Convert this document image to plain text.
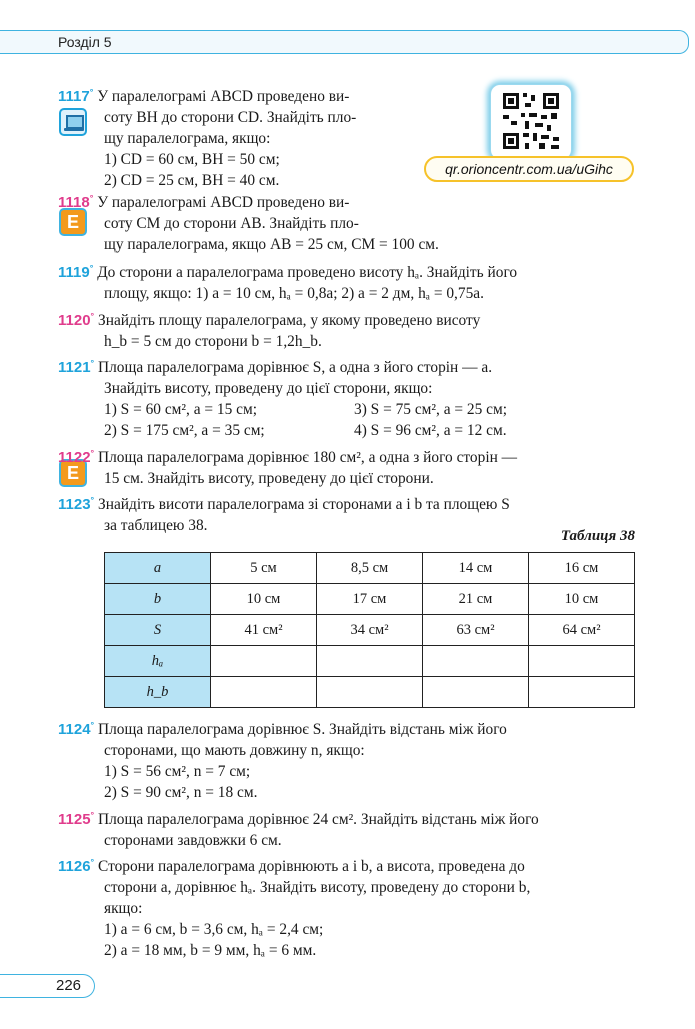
Розділ 5
qr.orioncentr.com.ua/uGihc
E
E
1117° У паралелограмі ABCD проведено ви-
соту BH до сторони CD. Знайдіть пло-
щу паралелограма, якщо:
1) CD = 60 см, BH = 50 см;
2) CD = 25 см, BH = 40 см.
1118° У паралелограмі ABCD проведено ви-
соту CM до сторони AB. Знайдіть пло-
щу паралелограма, якщо AB = 25 см, CM = 100 см.
1119° До сторони a паралелограма проведено висоту hₐ. Знайдіть його
площу, якщо: 1) a = 10 см, hₐ = 0,8a; 2) a = 2 дм, hₐ = 0,75a.
1120° Знайдіть площу паралелограма, у якому проведено висоту
h_b = 5 см до сторони b = 1,2h_b.
1121° Площа паралелограма дорівнює S, а одна з його сторін — a.
Знайдіть висоту, проведену до цієї сторони, якщо:
1) S = 60 см², a = 15 см;	3) S = 75 см², a = 25 см;
2) S = 175 см², a = 35 см;	4) S = 96 см², a = 12 см.
1122° Площа паралелограма дорівнює 180 см², а одна з його сторін —
15 см. Знайдіть висоту, проведену до цієї сторони.
1123° Знайдіть висоти паралелограма зі сторонами a і b та площею S
за таблицею 38.
Таблиця 38
a	5 см	8,5 см	14 см	16 см
b	10 см	17 см	21 см	10 см
S	41 см²	34 см²	63 см²	64 см²
hₐ				
h_b				
1124° Площа паралелограма дорівнює S. Знайдіть відстань між його
сторонами, що мають довжину n, якщо:
1) S = 56 см², n = 7 см;
2) S = 90 см², n = 18 см.
1125° Площа паралелограма дорівнює 24 см². Знайдіть відстань між його
сторонами завдовжки 6 см.
1126° Сторони паралелограма дорівнюють a і b, а висота, проведена до
сторони a, дорівнює hₐ. Знайдіть висоту, проведену до сторони b,
якщо:
1) a = 6 см, b = 3,6 см, hₐ = 2,4 см;
2) a = 18 мм, b = 9 мм, hₐ = 6 мм.
226
